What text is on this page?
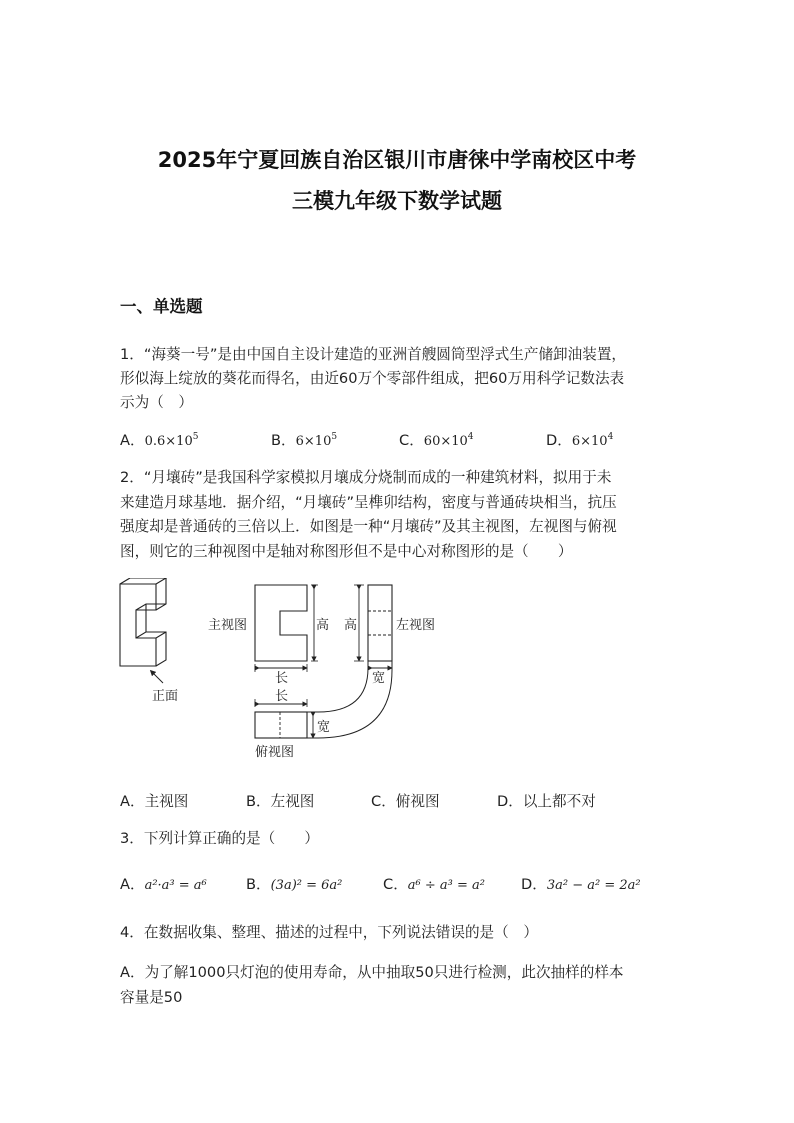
2025年宁夏回族自治区银川市唐徕中学南校区中考
三模九年级下数学试题
一、单选题
1．“海葵一号”是由中国自主设计建造的亚洲首艘圆筒型浮式生产储卸油装置，
形似海上绽放的葵花而得名，由近60万个零部件组成，把60万用科学记数法表
示为（　）
A．$0.6\times 10^5$	B．$6\times 10^5$	C．$60\times 10^4$	D．$6\times 10^4$
2．“月壤砖”是我国科学家模拟月壤成分烧制而成的一种建筑材料，拟用于未
来建造月球基地．据介绍，“月壤砖”呈榫卯结构，密度与普通砖块相当，抗压
强度却是普通砖的三倍以上．如图是一种“月壤砖”及其主视图，左视图与俯视
图，则它的三种视图中是轴对称图形但不是中心对称图形的是（　　）
正面
主视图	高
长
高	左视图
宽
长
宽
俯视图
A．主视图	B．左视图	C．俯视图	D．以上都不对
3．下列计算正确的是（　　）
A．a²·a³ = a⁶	B．(3a)² = 6a²	C．a⁶ ÷ a³ = a² D．3a² − a² = 2a²
4．在数据收集、整理、描述的过程中，下列说法错误的是（　）
A．为了解1000只灯泡的使用寿命，从中抽取50只进行检测，此次抽样的样本
容量是50
